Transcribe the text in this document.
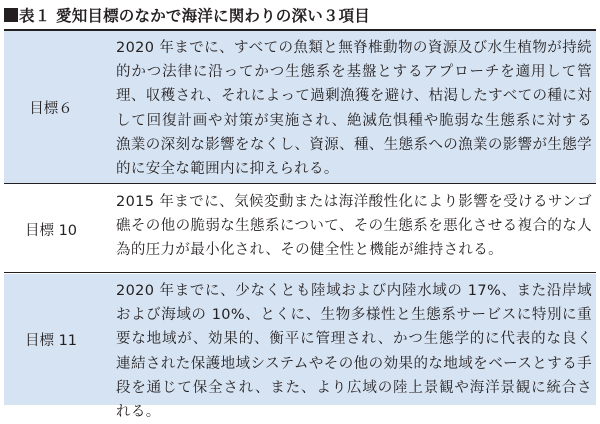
表１ 愛知目標のなかで海洋に関わりの深い３項目
目標６
2020 年までに、すべての魚類と無脊椎動物の資源及び水生植物が持続的かつ法律に沿ってかつ生態系を基盤とするアプローチを適用して管理、収穫され、それによって過剰漁獲を避け、枯渇したすべての種に対して回復計画や対策が実施され、絶滅危惧種や脆弱な生態系に対する漁業の深刻な影響をなくし、資源、種、生態系への漁業の影響が生態学的に安全な範囲内に抑えられる。
目標 10
2015 年までに、気候変動または海洋酸性化により影響を受けるサンゴ礁その他の脆弱な生態系について、その生態系を悪化させる複合的な人為的圧力が最小化され、その健全性と機能が維持される。
目標 11
2020 年までに、少なくとも陸域および内陸水域の 17%、また沿岸域および海域の 10%、とくに、生物多様性と生態系サービスに特別に重要な地域が、効果的、衡平に管理され、かつ生態学的に代表的な良く連結された保護地域システムやその他の効果的な地域をベースとする手段を通じて保全され、また、より広域の陸上景観や海洋景観に統合される。
